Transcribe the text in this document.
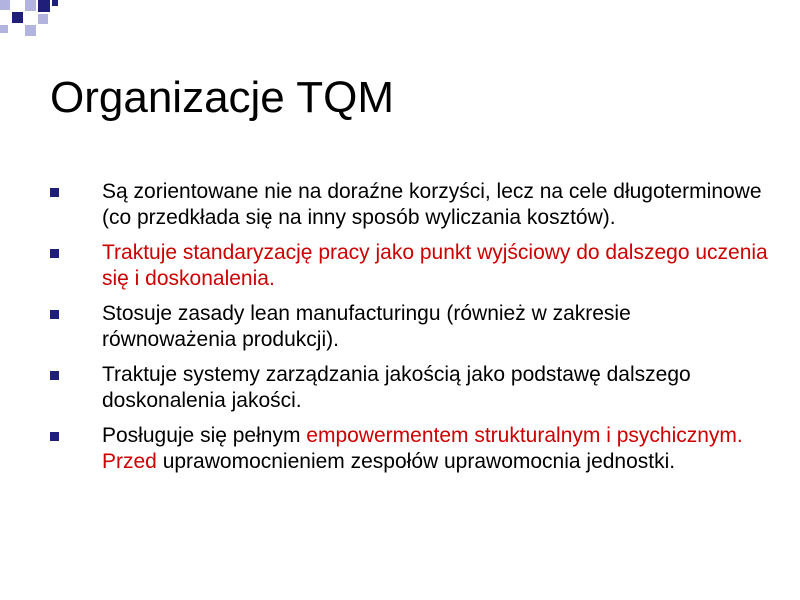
Organizacje TQM
Są zorientowane nie na doraźne korzyści, lecz na cele długoterminowe (co przedkłada się na inny sposób wyliczania kosztów).
Traktuje standaryzację pracy jako punkt wyjściowy do dalszego uczenia się i doskonalenia.
Stosuje zasady lean manufacturingu (również w zakresie równoważenia produkcji).
Traktuje systemy zarządzania jakością jako podstawę dalszego doskonalenia jakości.
Posługuje się pełnym empowermentem strukturalnym i psychicznym. Przed uprawomocnieniem zespołów uprawomocnia jednostki.
